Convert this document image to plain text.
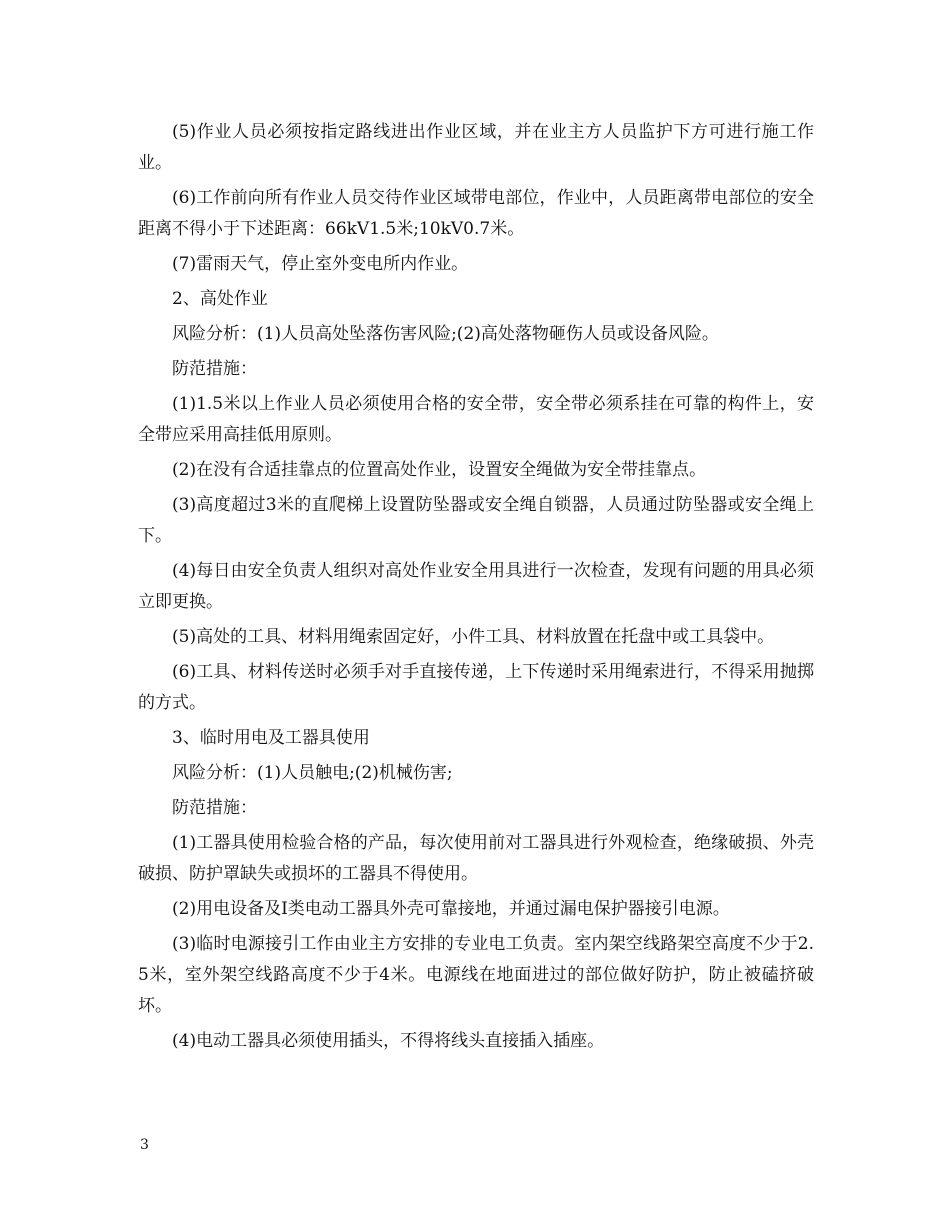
(5)作业人员必须按指定路线进出作业区域，并在业主方人员监护下方可进行施工作业。

(6)工作前向所有作业人员交待作业区域带电部位，作业中，人员距离带电部位的安全距离不得小于下述距离：66kV1.5米;10kV0.7米。

(7)雷雨天气，停止室外变电所内作业。

2、高处作业

风险分析：(1)人员高处坠落伤害风险;(2)高处落物砸伤人员或设备风险。

防范措施：

(1)1.5米以上作业人员必须使用合格的安全带，安全带必须系挂在可靠的构件上，安全带应采用高挂低用原则。

(2)在没有合适挂靠点的位置高处作业，设置安全绳做为安全带挂靠点。

(3)高度超过3米的直爬梯上设置防坠器或安全绳自锁器，人员通过防坠器或安全绳上下。

(4)每日由安全负责人组织对高处作业安全用具进行一次检查，发现有问题的用具必须立即更换。

(5)高处的工具、材料用绳索固定好，小件工具、材料放置在托盘中或工具袋中。

(6)工具、材料传送时必须手对手直接传递，上下传递时采用绳索进行，不得采用抛掷的方式。

3、临时用电及工器具使用

风险分析：(1)人员触电;(2)机械伤害;

防范措施：

(1)工器具使用检验合格的产品，每次使用前对工器具进行外观检查，绝缘破损、外壳破损、防护罩缺失或损坏的工器具不得使用。

(2)用电设备及Ⅰ类电动工器具外壳可靠接地，并通过漏电保护器接引电源。

(3)临时电源接引工作由业主方安排的专业电工负责。室内架空线路架空高度不少于2.5米，室外架空线路高度不少于4米。电源线在地面进过的部位做好防护，防止被磕挤破坏。

(4)电动工器具必须使用插头，不得将线头直接插入插座。

3
